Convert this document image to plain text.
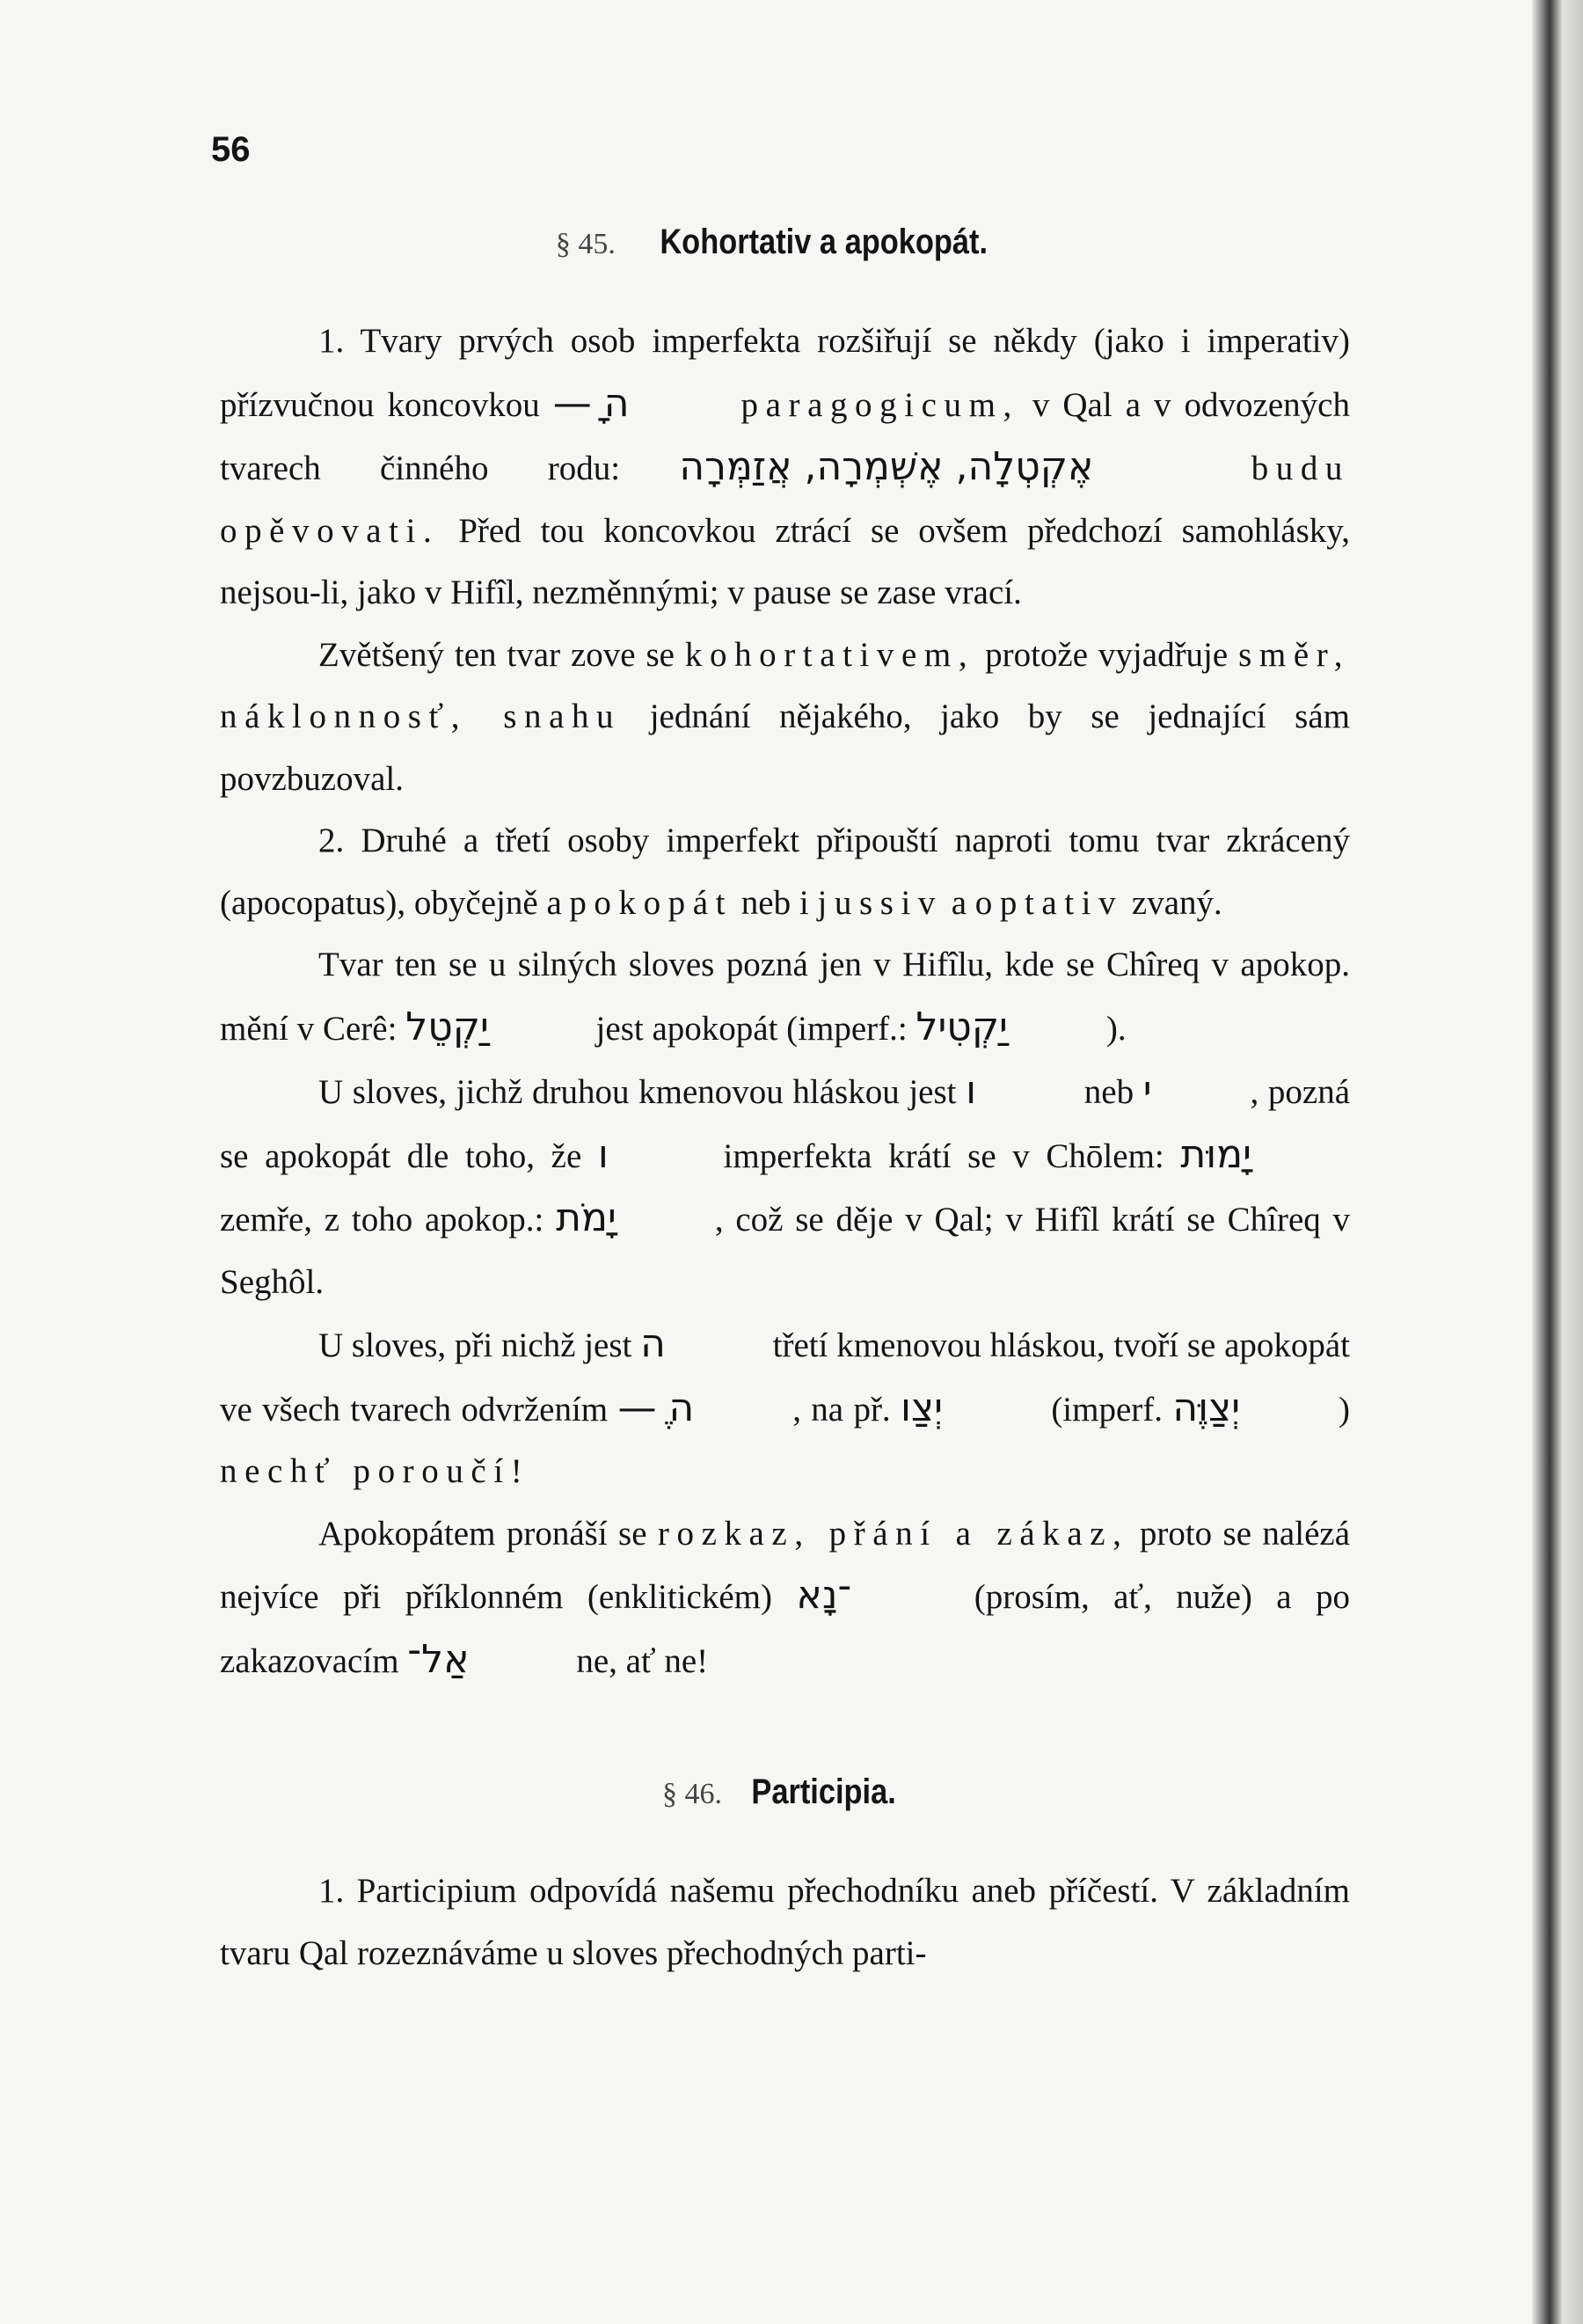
56
§ 45. Kohortativ a apokopát.

1. Tvary prvých osob imperfekta rozšiřují se někdy (jako i imperativ) přízvučnou koncovkou ה ָ—	paragogicum, v Qal a v odvozených tvarech činného rodu: אֶקְטְלָה, אֶשְׁמְרָה, אֲזַמְּרָה	budu opěvovati. Před tou koncovkou ztrácí se ovšem předchozí samohlásky, nejsou-li, jako v Hifîl, nezměnnými; v pause se zase vrací.

Zvětšený ten tvar zove se kohortativem, protože vyjadřuje směr, náklonnosť, snahu jednání nějakého, jako by se jednající sám povzbuzoval.

2. Druhé a třetí osoby imperfekt připouští naproti tomu tvar zkrácený (apocopatus), obyčejně apokopát neb i jussiv a optativ zvaný.

Tvar ten se u silných sloves pozná jen v Hifîlu, kde se Chîreq v apokop. mění v Cerê: יַקְטֵל	jest apokopát (imperf.: יַקְטִיל	).

U sloves, jichž druhou kmenovou hláskou jest ו	neb י	, pozná se apokopát dle toho, že ו	imperfekta krátí se v Chōlem: יָמוּת zemře, z toho apokop.: יָמֹת	, což se děje v Qal; v Hifîl krátí se Chîreq v Seghôl.

U sloves, při nichž jest ה	třetí kmenovou hláskou, tvoří se apokopát ve všech tvarech odvržením ה ֶ—	, na př. יְצַו	(imperf. יְצַוֶּה	) nechť poroučí!

Apokopátem pronáší se rozkaz, přání a zákaz, proto se nalézá nejvíce při příklonném (enklitickém) ־נָא	(prosím, ať, nuže) a po zakazovacím אַל־	ne, ať ne!

§ 46. Participia.

1. Participium odpovídá našemu přechodníku aneb příčestí. V základním tvaru Qal rozeznáváme u sloves přechodných parti-
